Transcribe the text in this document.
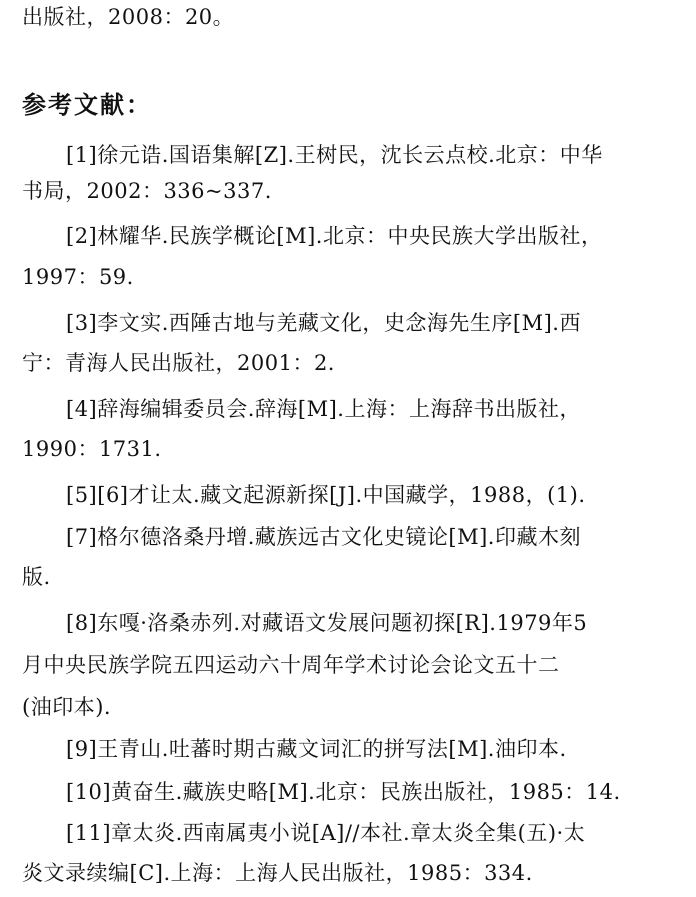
出版社，2008：20。
参考文献：
[1]徐元诰.国语集解[Z].王树民，沈长云点校.北京：中华
书局，2002：336~337.
[2]林耀华.民族学概论[M].北京：中央民族大学出版社，
1997：59.
[3]李文实.西陲古地与羌藏文化，史念海先生序[M].西
宁：青海人民出版社，2001：2.
[4]辞海编辑委员会.辞海[M].上海：上海辞书出版社，
1990：1731.
[5][6]才让太.藏文起源新探[J].中国藏学，1988，(1).
[7]格尔德洛桑丹增.藏族远古文化史镜论[M].印藏木刻
版.
[8]东嘎·洛桑赤列.对藏语文发展问题初探[R].1979年5
月中央民族学院五四运动六十周年学术讨论会论文五十二
(油印本).
[9]王青山.吐蕃时期古藏文词汇的拼写法[M].油印本.
[10]黄奋生.藏族史略[M].北京：民族出版社，1985：14.
[11]章太炎.西南属夷小说[A]//本社.章太炎全集(五)·太
炎文录续编[C].上海：上海人民出版社，1985：334.
